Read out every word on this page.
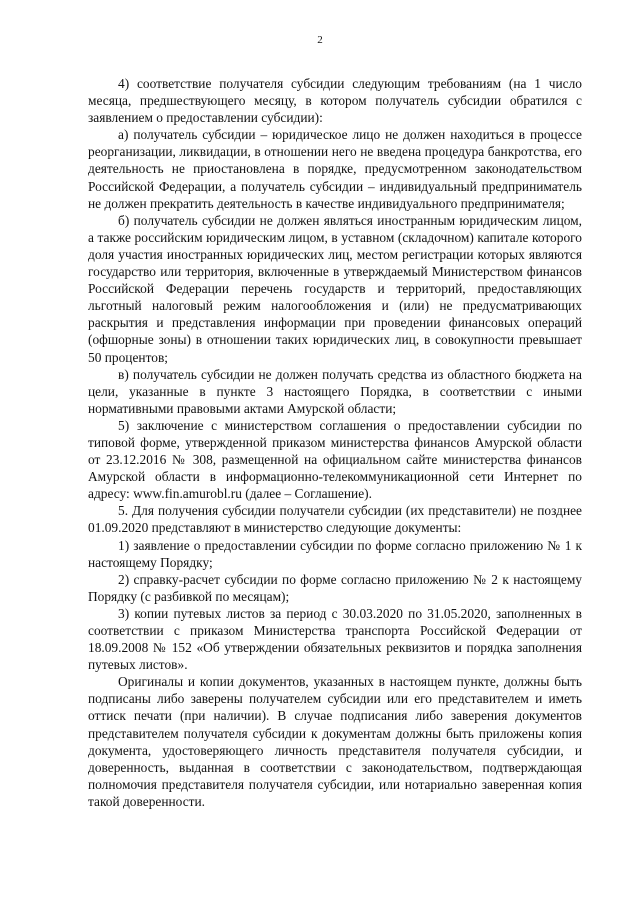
2

4) соответствие получателя субсидии следующим требованиям (на 1 число месяца, предшествующего месяцу, в котором получатель субсидии обратился с заявлением о предоставлении субсидии):

а) получатель субсидии – юридическое лицо не должен находиться в процессе реорганизации, ликвидации, в отношении него не введена процедура банкротства, его деятельность не приостановлена в порядке, предусмотренном законодательством Российской Федерации, а получатель субсидии – индивидуальный предприниматель не должен прекратить деятельность в качестве индивидуального предпринимателя;

б) получатель субсидии не должен являться иностранным юридическим лицом, а также российским юридическим лицом, в уставном (складочном) капитале которого доля участия иностранных юридических лиц, местом регистрации которых являются государство или территория, включенные в утверждаемый Министерством финансов Российской Федерации перечень государств и территорий, предоставляющих льготный налоговый режим налогообложения и (или) не предусматривающих раскрытия и представления информации при проведении финансовых операций (офшорные зоны) в отношении таких юридических лиц, в совокупности превышает 50 процентов;

в) получатель субсидии не должен получать средства из областного бюджета на цели, указанные в пункте 3 настоящего Порядка, в соответствии с иными нормативными правовыми актами Амурской области;

5) заключение с министерством соглашения о предоставлении субсидии по типовой форме, утвержденной приказом министерства финансов Амурской области от 23.12.2016 № 308, размещенной на официальном сайте министерства финансов Амурской области в информационно-телекоммуникационной сети Интернет по адресу: www.fin.amurobl.ru (далее – Соглашение).

5. Для получения субсидии получатели субсидии (их представители) не позднее 01.09.2020 представляют в министерство следующие документы:

1) заявление о предоставлении субсидии по форме согласно приложению № 1 к настоящему Порядку;

2) справку-расчет субсидии по форме согласно приложению № 2 к настоящему Порядку (с разбивкой по месяцам);

3) копии путевых листов за период с 30.03.2020 по 31.05.2020, заполненных в соответствии с приказом Министерства транспорта Российской Федерации от 18.09.2008 № 152 «Об утверждении обязательных реквизитов и порядка заполнения путевых листов».

Оригиналы и копии документов, указанных в настоящем пункте, должны быть подписаны либо заверены получателем субсидии или его представителем и иметь оттиск печати (при наличии). В случае подписания либо заверения документов представителем получателя субсидии к документам должны быть приложены копия документа, удостоверяющего личность представителя получателя субсидии, и доверенность, выданная в соответствии с законодательством, подтверждающая полномочия представителя получателя субсидии, или нотариально заверенная копия такой доверенности.
